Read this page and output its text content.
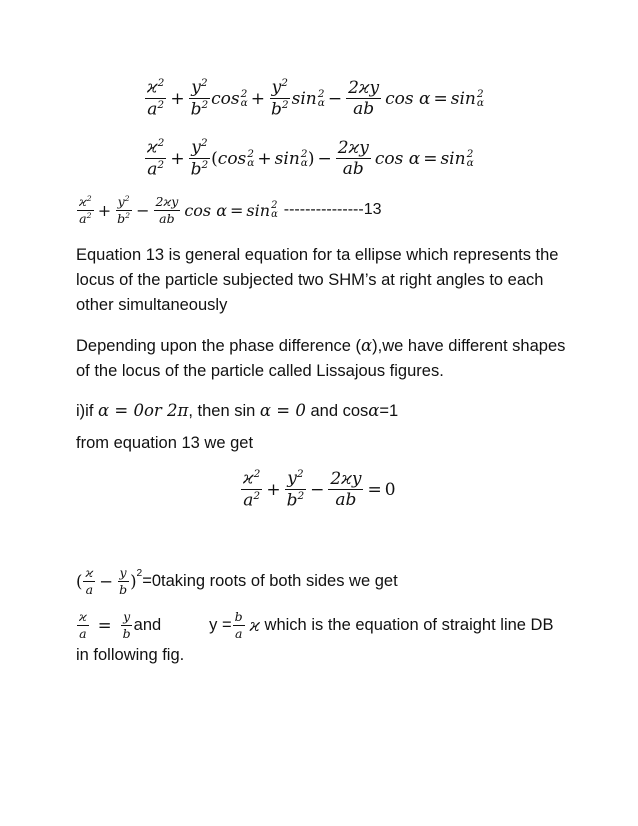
$\frac{ϰ^2}{a^2} + \frac{y^2}{b^2}$ cos 2
$\alpha + \frac{y^2}{b^2}$ sin 2
$\alpha - \frac{2ϰy}{ab}$ cos α = sin 2
α
$\frac{ϰ^2}{a^2} + \frac{y^2}{b^2}$ ( cos 2
α + sin 2
α ) − $\frac{2ϰy}{ab}$ cos α = sin 2
α
$\frac{ϰ^2}{a^2} + \frac{y^2}{b^2} - \frac{2ϰy}{ab}$ cos α = sin 2
α ---------------13
Equation 13 is general equation for ta ellipse which represents the locus of the particle subjected two SHM’s at right angles to each other simultaneously
Depending upon the phase difference (α),we have different shapes of the locus of the particle called Lissajous figures.
i)if α = 0or 2π, then sin α = 0 and cosα=1
from equation 13 we get
$\frac{ϰ^2}{a^2} + \frac{y^2}{b^2} - \frac{2ϰy}{ab} = 0$
( $\frac{ϰ}{a} - \frac{y}{b} )^2$ =0taking roots of both sides we get
$\frac{ϰ}{a} = \frac{y}{b}$ and	$y = \frac{b}{a}$ ϰ which is the equation of straight line DB
in following fig.
